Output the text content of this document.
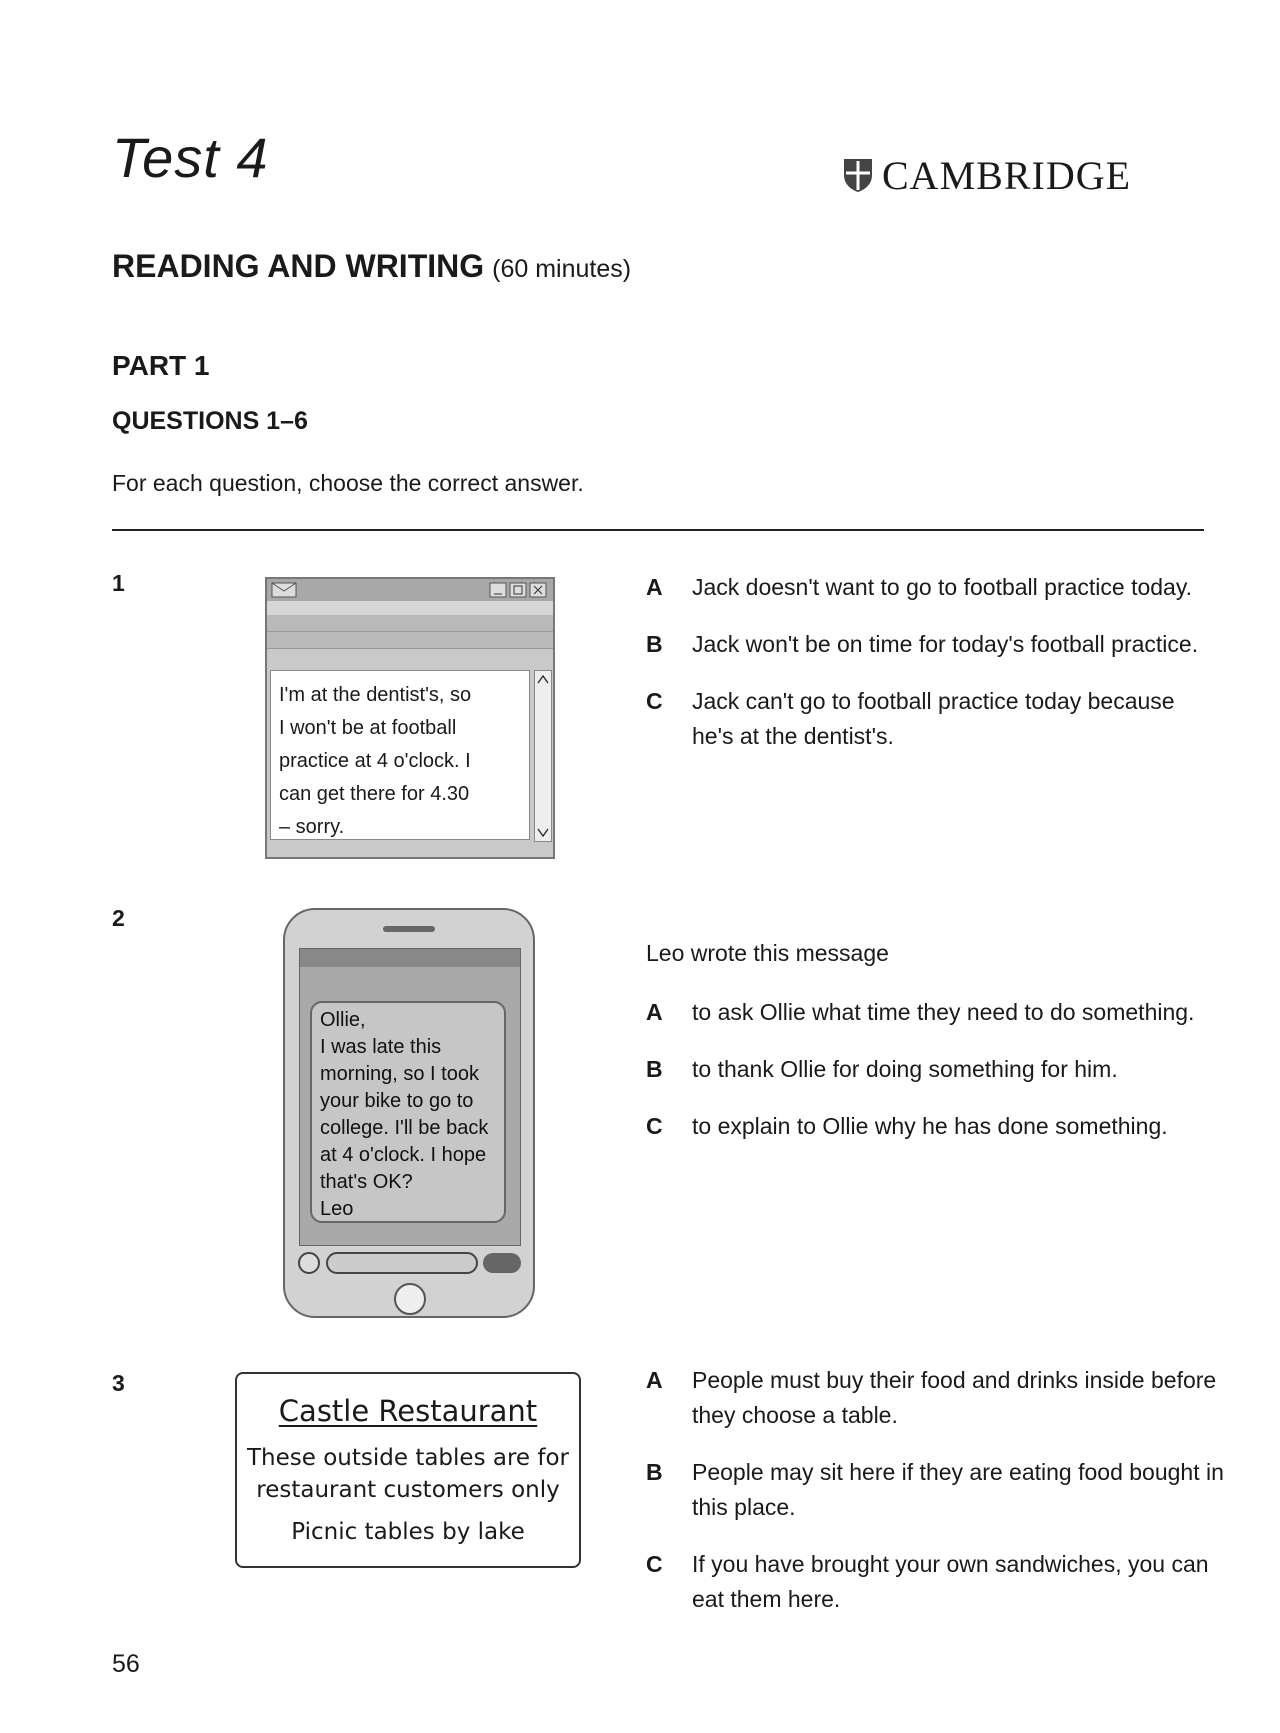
Test 4	CAMBRIDGE
READING AND WRITING (60 minutes)
PART 1
QUESTIONS 1–6
For each question, choose the correct answer.
1
I'm at the dentist's, so
I won't be at football
practice at 4 o'clock. I
can get there for 4.30
– sorry.
A	Jack doesn't want to go to football practice today.
B	Jack won't be on time for today's football practice.
C	Jack can't go to football practice today because he's at the dentist's.
2
Ollie,
I was late this
morning, so I took
your bike to go to
college. I'll be back
at 4 o'clock. I hope
that's OK?
Leo
Leo wrote this message
A	to ask Ollie what time they need to do something.
B	to thank Ollie for doing something for him.
C	to explain to Ollie why he has done something.
3
Castle Restaurant
These outside tables are for
restaurant customers only
Picnic tables by lake
A	People must buy their food and drinks inside before they choose a table.
B	People may sit here if they are eating food bought in this place.
C	If you have brought your own sandwiches, you can eat them here.
56
